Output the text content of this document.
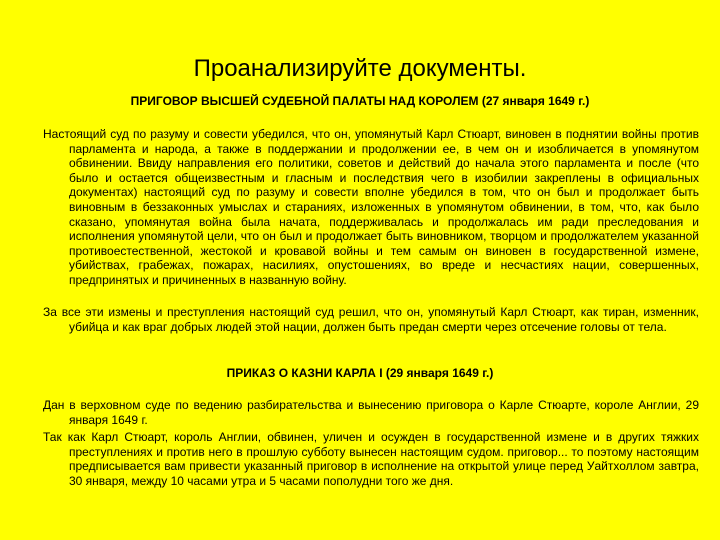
Проанализируйте документы.
ПРИГОВОР ВЫСШЕЙ СУДЕБНОЙ ПАЛАТЫ НАД КОРОЛЕМ (27 января 1649 г.)

Настоящий суд по разуму и совести убедился, что он, упомянутый Карл Стюарт, виновен в поднятии войны против парламента и народа, а также в поддержании и продолжении ее, в чем он и изобличается в упомянутом обвинении. Ввиду направления его политики, советов и действий до начала этого парламента и после (что было и остается общеизвестным и гласным и последствия чего в изобилии закреплены в официальных документах) настоящий суд по разуму и совести вполне убедился в том, что он был и продолжает быть виновным в беззаконных умыслах и стараниях, изложенных в упомянутом обвинении, в том, что, как было сказано, упомянутая война была начата, поддерживалась и продолжалась им ради преследования и исполнения упомянутой цели, что он был и продолжает быть виновником, творцом и продолжателем указанной противоестественной, жестокой и кровавой войны и тем самым он виновен в государственной измене, убийствах, грабежах, пожарах, насилиях, опустошениях, во вреде и несчастиях нации, совершенных, предпринятых и причиненных в названную войну.

За все эти измены и преступления настоящий суд решил, что он, упомянутый Карл Стюарт, как тиран, изменник, убийца и как враг добрых людей этой нации, должен быть предан смерти через отсечение головы от тела.

ПРИКАЗ О КАЗНИ КАРЛА I (29 января 1649 г.)

Дан в верховном суде по ведению разбирательства и вынесению приговора о Карле Стюарте, короле Англии, 29 января 1649 г.

Так как Карл Стюарт, король Англии, обвинен, уличен и осужден в государственной измене и в других тяжких преступлениях и против него в прошлую субботу вынесен настоящим судом. приговор... то поэтому настоящим предписывается вам привести указанный приговор в исполнение на открытой улице перед Уайтхоллом завтра, 30 января, между 10 часами утра и 5 часами пополудни того же дня.
